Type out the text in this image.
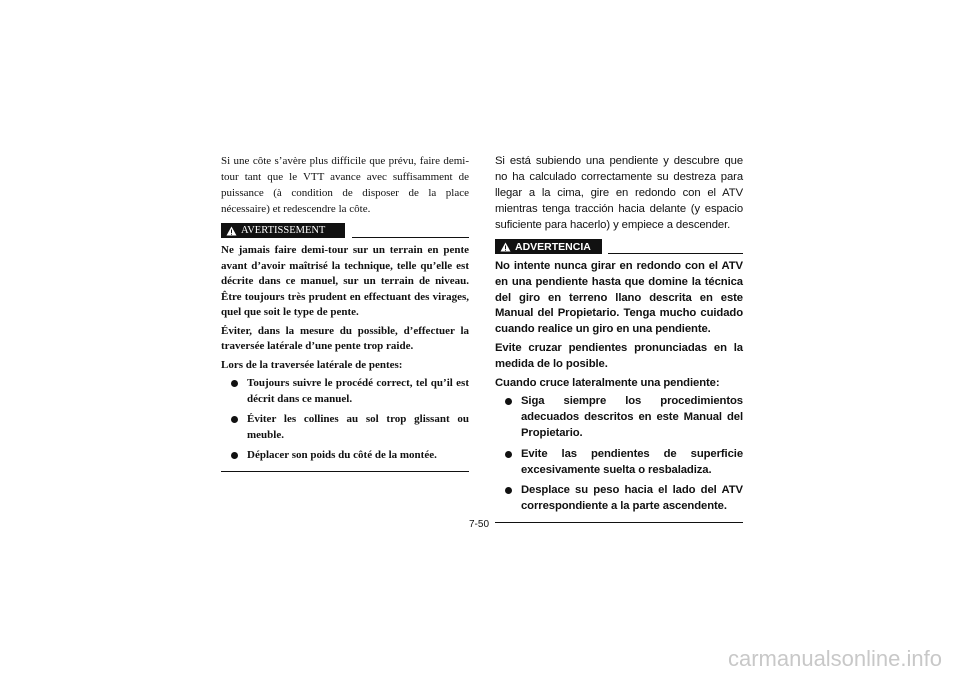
Si une côte s’avère plus difficile que prévu, faire demi-tour tant que le VTT avance avec suffisamment de puissance (à condition de disposer de la place nécessaire) et redescendre la côte.

AVERTISSEMENT

Ne jamais faire demi-tour sur un terrain en pente avant d’avoir maîtrisé la technique, telle qu’elle est décrite dans ce manuel, sur un terrain de niveau. Être toujours très prudent en effectuant des virages, quel que soit le type de pente.

Éviter, dans la mesure du possible, d’effectuer la traversée latérale d’une pente trop raide.

Lors de la traversée latérale de pentes:

Toujours suivre le procédé correct, tel qu’il est décrit dans ce manuel.
Éviter les collines au sol trop glissant ou meuble.
Déplacer son poids du côté de la montée.

Si está subiendo una pendiente y descubre que no ha calculado correctamente su destreza para llegar a la cima, gire en redondo con el ATV mientras tenga tracción hacia delante (y espacio suficiente para hacerlo) y empiece a descender.

ADVERTENCIA

No intente nunca girar en redondo con el ATV en una pendiente hasta que domine la técnica del giro en terreno llano descrita en este Manual del Propietario. Tenga mucho cuidado cuando realice un giro en una pendiente.

Evite cruzar pendientes pronunciadas en la medida de lo posible.

Cuando cruce lateralmente una pendiente:

Siga siempre los procedimientos adecuados descritos en este Manual del Propietario.
Evite las pendientes de superficie excesivamente suelta o resbaladiza.
Desplace su peso hacia el lado del ATV correspondiente a la parte ascendente.
7-50
carmanualsonline.info
